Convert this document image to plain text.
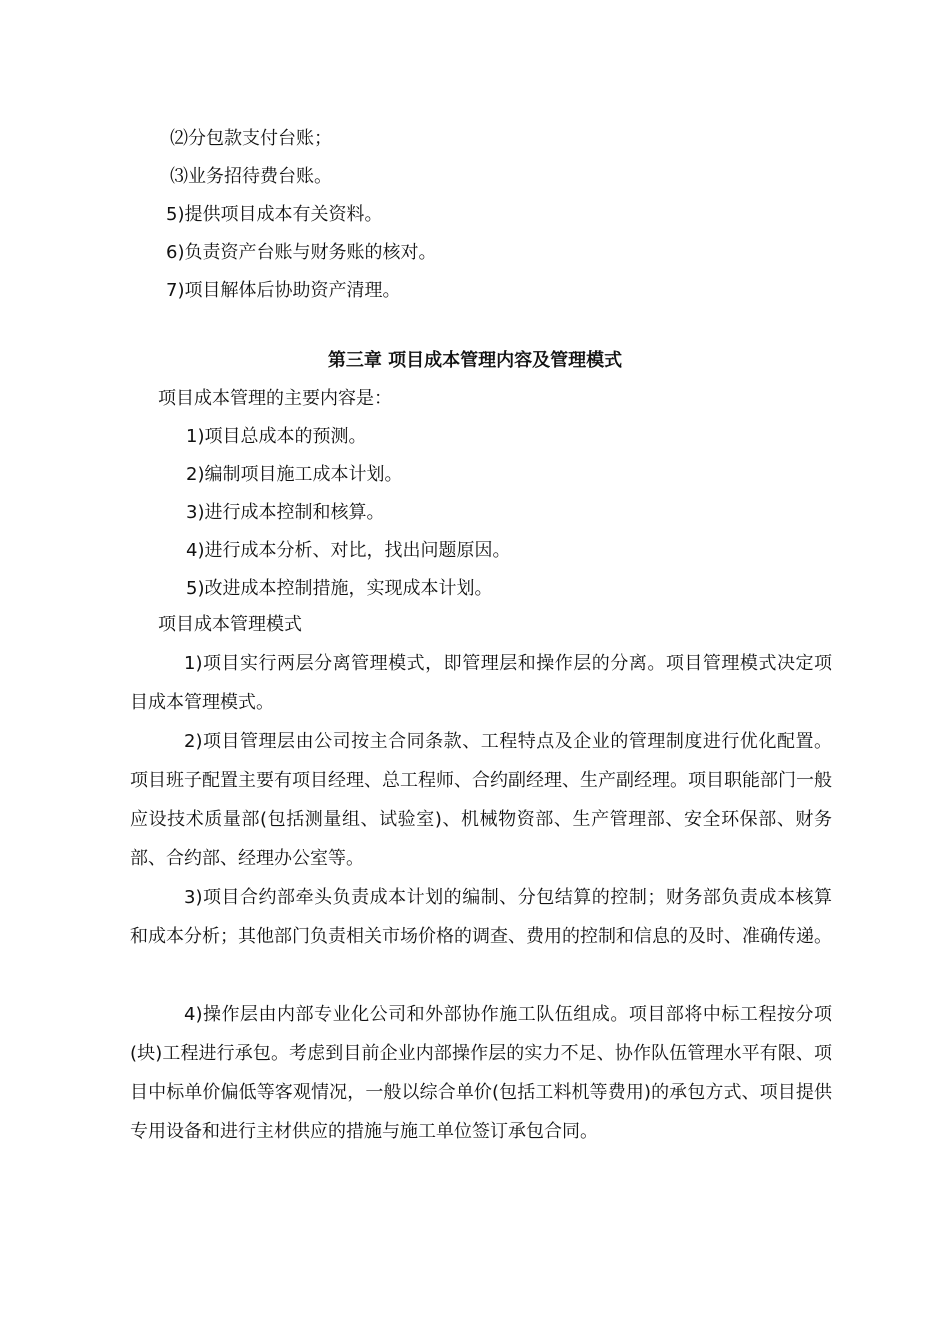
⑵分包款支付台账；

⑶业务招待费台账。

5)提供项目成本有关资料。

6)负责资产台账与财务账的核对。

7)项目解体后协助资产清理。

第三章 项目成本管理内容及管理模式

项目成本管理的主要内容是：

1)项目总成本的预测。

2)编制项目施工成本计划。

3)进行成本控制和核算。

4)进行成本分析、对比，找出问题原因。

5)改进成本控制措施，实现成本计划。

项目成本管理模式

1)项目实行两层分离管理模式，即管理层和操作层的分离。项目管理模式决定项目成本管理模式。

2)项目管理层由公司按主合同条款、工程特点及企业的管理制度进行优化配置。项目班子配置主要有项目经理、总工程师、合约副经理、生产副经理。项目职能部门一般应设技术质量部(包括测量组、试验室)、机械物资部、生产管理部、安全环保部、财务部、合约部、经理办公室等。

3)项目合约部牵头负责成本计划的编制、分包结算的控制；财务部负责成本核算和成本分析；其他部门负责相关市场价格的调查、费用的控制和信息的及时、准确传递。

4)操作层由内部专业化公司和外部协作施工队伍组成。项目部将中标工程按分项(块)工程进行承包。考虑到目前企业内部操作层的实力不足、协作队伍管理水平有限、项目中标单价偏低等客观情况，一般以综合单价(包括工料机等费用)的承包方式、项目提供专用设备和进行主材供应的措施与施工单位签订承包合同。
